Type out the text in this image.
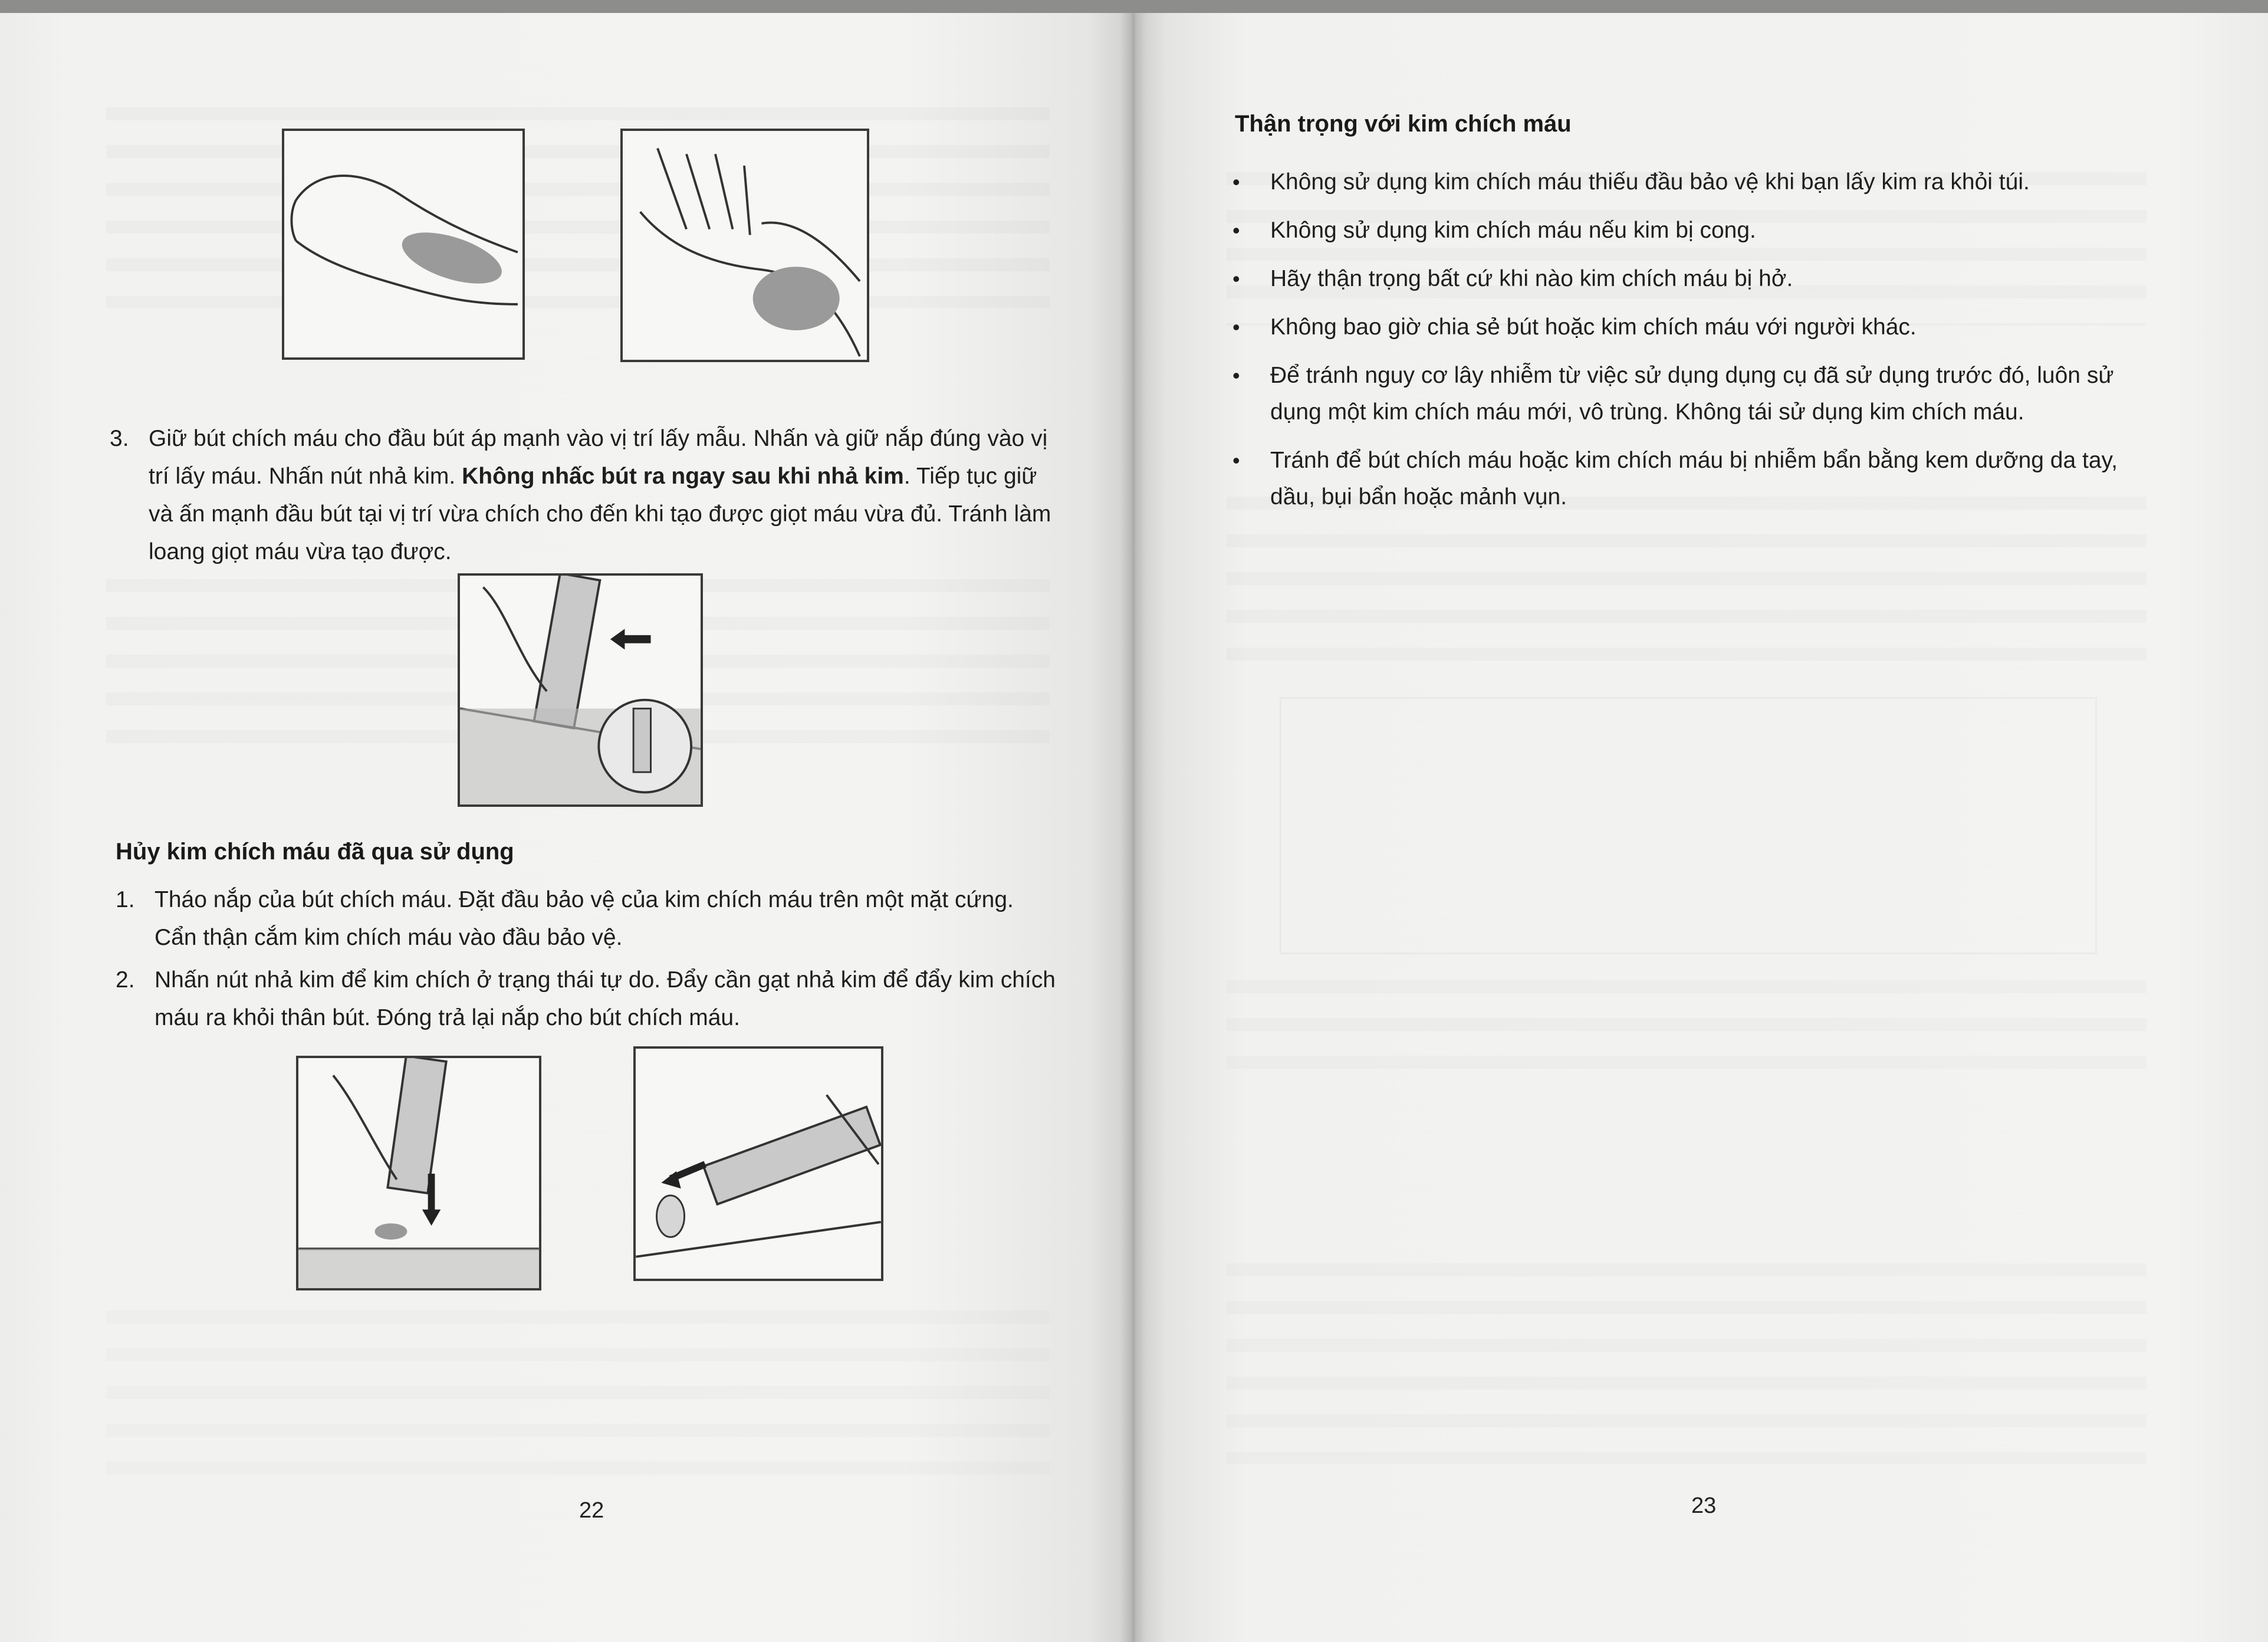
3. Giữ bút chích máu cho đầu bút áp mạnh vào vị trí lấy mẫu. Nhấn và giữ nắp đúng vào vị trí lấy máu. Nhấn nút nhả kim. Không nhấc bút ra ngay sau khi nhả kim. Tiếp tục giữ và ấn mạnh đầu bút tại vị trí vừa chích cho đến khi tạo được giọt máu vừa đủ. Tránh làm loang giọt máu vừa tạo được.
Hủy kim chích máu đã qua sử dụng
1. Tháo nắp của bút chích máu. Đặt đầu bảo vệ của kim chích máu trên một mặt cứng. Cẩn thận cắm kim chích máu vào đầu bảo vệ.
2. Nhấn nút nhả kim để kim chích ở trạng thái tự do. Đẩy cần gạt nhả kim để đẩy kim chích máu ra khỏi thân bút. Đóng trả lại nắp cho bút chích máu.
22
Thận trọng với kim chích máu
• Không sử dụng kim chích máu thiếu đầu bảo vệ khi bạn lấy kim ra khỏi túi.
• Không sử dụng kim chích máu nếu kim bị cong.
• Hãy thận trọng bất cứ khi nào kim chích máu bị hở.
• Không bao giờ chia sẻ bút hoặc kim chích máu với người khác.
• Để tránh nguy cơ lây nhiễm từ việc sử dụng dụng cụ đã sử dụng trước đó, luôn sử dụng một kim chích máu mới, vô trùng. Không tái sử dụng kim chích máu.
• Tránh để bút chích máu hoặc kim chích máu bị nhiễm bẩn bằng kem dưỡng da tay, dầu, bụi bẩn hoặc mảnh vụn.
23
